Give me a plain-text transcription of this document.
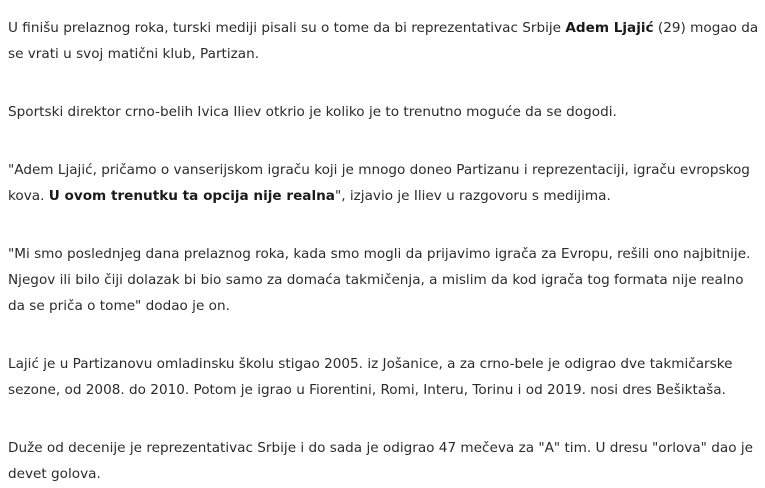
U finišu prelaznog roka, turski mediji pisali su o tome da bi reprezentativac Srbije Adem Ljajić (29) mogao da se vrati u svoj matični klub, Partizan.

Sportski direktor crno-belih Ivica Iliev otkrio je koliko je to trenutno moguće da se dogodi.

"Adem Ljajić, pričamo o vanserijskom igraču koji je mnogo doneo Partizanu i reprezentaciji, igraču evropskog kova. U ovom trenutku ta opcija nije realna", izjavio je Iliev u razgovoru s medijima.

"Mi smo poslednjeg dana prelaznog roka, kada smo mogli da prijavimo igrača za Evropu, rešili ono najbitnije. Njegov ili bilo čiji dolazak bi bio samo za domaća takmičenja, a mislim da kod igrača tog formata nije realno da se priča o tome" dodao je on.

Lajić je u Partizanovu omladinsku školu stigao 2005. iz Jošanice, a za crno-bele je odigrao dve takmičarske sezone, od 2008. do 2010. Potom je igrao u Fiorentini, Romi, Interu, Torinu i od 2019. nosi dres Bešiktaša.

Duže od decenije je reprezentativac Srbije i do sada je odigrao 47 mečeva za "A" tim. U dresu "orlova" dao je devet golova.
